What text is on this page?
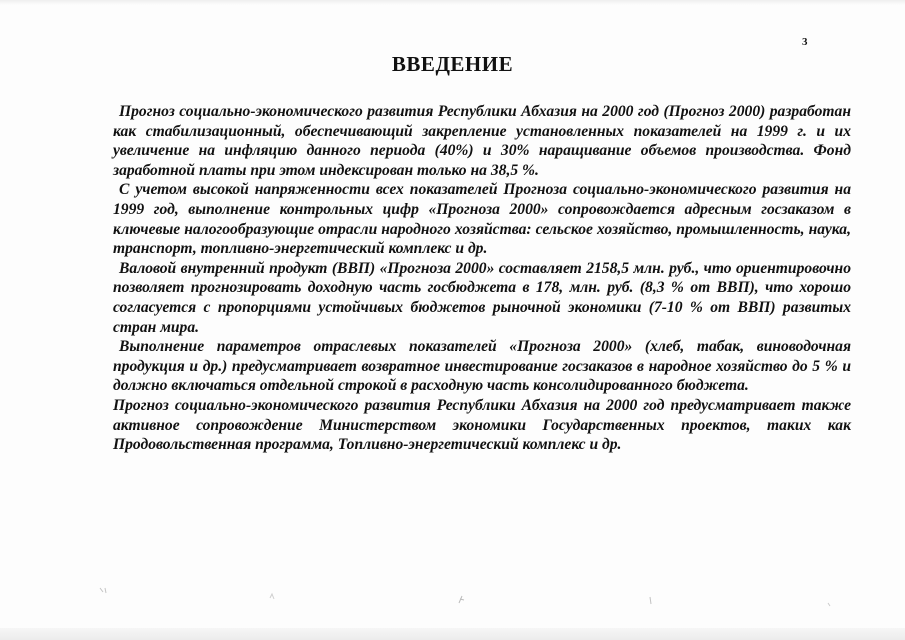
3
ВВЕДЕНИЕ

Прогноз социально-экономического развития Республики Абхазия на 2000 год (Прогноз 2000) разработан как стабилизационный, обеспечивающий закрепление установленных показателей на 1999 г. и их увеличение на инфляцию данного периода (40%) и 30% наращивание объемов производства. Фонд заработной платы при этом индексирован только на 38,5 %.

С учетом высокой напряженности всех показателей Прогноза социально-экономического развития на 1999 год, выполнение контрольных цифр «Прогноза 2000» сопровождается адресным госзаказом в ключевые налогообразующие отрасли народного хозяйства: сельское хозяйство, промышленность, наука, транспорт, топливно-энергетический комплекс и др.

Валовой внутренний продукт (ВВП) «Прогноза 2000» составляет 2158,5 млн. руб., что ориентировочно позволяет прогнозировать доходную часть госбюджета в 178, млн. руб. (8,3 % от ВВП), что хорошо согласуется с пропорциями устойчивых бюджетов рыночной экономики (7-10 % от ВВП) развитых стран мира.

Выполнение параметров отраслевых показателей «Прогноза 2000» (хлеб, табак, виноводочная продукция и др.) предусматривает возвратное инвестирование госзаказов в народное хозяйство до 5 % и должно включаться отдельной строкой в расходную часть консолидированного бюджета.

Прогноз социально-экономического развития Республики Абхазия на 2000 год предусматривает также активное сопровождение Министерством экономики Государственных проектов, таких как Продовольственная программа, Топливно-энергетический комплекс и др.
